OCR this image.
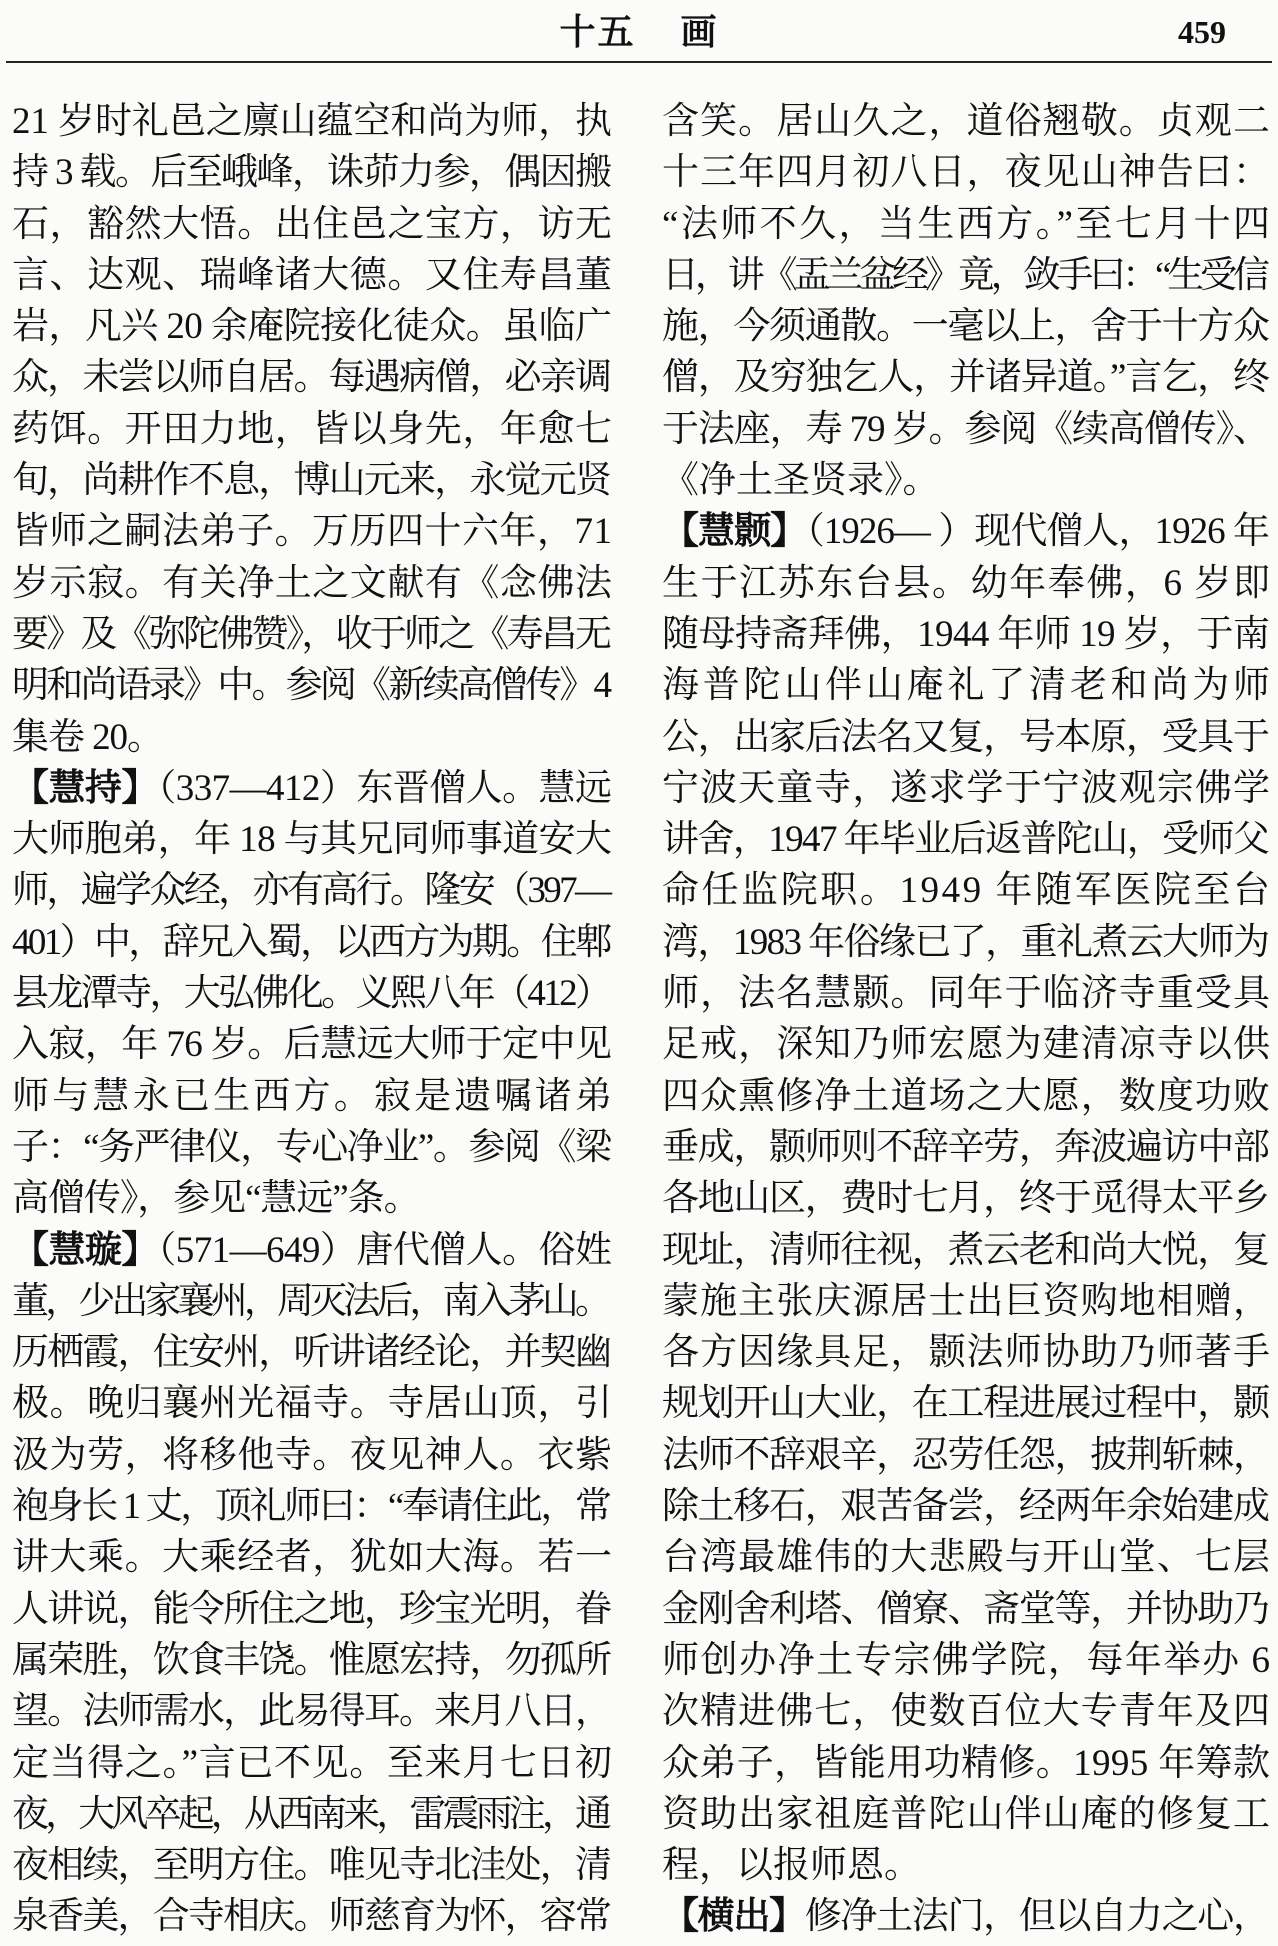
十五 画	459
21 岁时礼邑之廪山蕴空和尚为师，执
持 3 载。后至峨峰，诛茆力参，偶因搬
石，豁然大悟。出住邑之宝方，访无
言、达观、瑞峰诸大德。又住寿昌董
岩，凡兴 20 余庵院接化徒众。虽临广
众，未尝以师自居。每遇病僧，必亲调
药饵。开田力地，皆以身先，年愈七
旬，尚耕作不息，博山元来，永觉元贤
皆师之嗣法弟子。万历四十六年，71
岁示寂。有关净土之文献有《念佛法
要》及《弥陀佛赞》，收于师之《寿昌无
明和尚语录》中。参阅《新续高僧传》4
集卷 20。
【慧持】（337—412）东晋僧人。慧远
大师胞弟，年 18 与其兄同师事道安大
师，遍学众经，亦有高行。隆安（397—
401）中，辞兄入蜀，以西方为期。住郫
县龙潭寺，大弘佛化。义熙八年（412）
入寂，年 76 岁。后慧远大师于定中见
师与慧永已生西方。寂是遗嘱诸弟
子：“务严律仪，专心净业”。参阅《梁
高僧传》，参见“慧远”条。
【慧璇】（571—649）唐代僧人。俗姓
董，少出家襄州，周灭法后，南入茅山。
历栖霞，住安州，听讲诸经论，并契幽
极。晚归襄州光福寺。寺居山顶，引
汲为劳，将移他寺。夜见神人。衣紫
袍身长 1 丈，顶礼师曰：“奉请住此，常
讲大乘。大乘经者，犹如大海。若一
人讲说，能令所住之地，珍宝光明，眷
属荣胜，饮食丰饶。惟愿宏持，勿孤所
望。法师需水，此易得耳。来月八日，
定当得之。”言已不见。至来月七日初
夜，大风卒起，从西南来，雷震雨注，通
夜相续，至明方住。唯见寺北洼处，清
泉香美，合寺相庆。师慈育为怀，容常
含笑。居山久之，道俗翘敬。贞观二
十三年四月初八日，夜见山神告曰：
“法师不久，当生西方。”至七月十四
日，讲《盂兰盆经》竟，敛手曰：“生受信
施，今须通散。一毫以上，舍于十方众
僧，及穷独乞人，并诸异道。”言乞，终
于法座，寿 79 岁。参阅《续高僧传》、
《净土圣贤录》。
【慧颢】（1926— ）现代僧人，1926 年
生于江苏东台县。幼年奉佛，6 岁即
随母持斋拜佛，1944 年师 19 岁，于南
海普陀山伴山庵礼了清老和尚为师
公，出家后法名又复，号本原，受具于
宁波天童寺，遂求学于宁波观宗佛学
讲舍，1947 年毕业后返普陀山，受师父
命任监院职。1949 年随军医院至台
湾，1983 年俗缘已了，重礼煮云大师为
师，法名慧颢。同年于临济寺重受具
足戒，深知乃师宏愿为建清凉寺以供
四众熏修净土道场之大愿，数度功败
垂成，颢师则不辞辛劳，奔波遍访中部
各地山区，费时七月，终于觅得太平乡
现址，清师往视，煮云老和尚大悦，复
蒙施主张庆源居士出巨资购地相赠，
各方因缘具足，颢法师协助乃师著手
规划开山大业，在工程进展过程中，颢
法师不辞艰辛，忍劳任怨，披荆斩棘，
除土移石，艰苦备尝，经两年余始建成
台湾最雄伟的大悲殿与开山堂、七层
金刚舍利塔、僧寮、斋堂等，并协助乃
师创办净土专宗佛学院，每年举办 6
次精进佛七，使数百位大专青年及四
众弟子，皆能用功精修。1995 年筹款
资助出家祖庭普陀山伴山庵的修复工
程，以报师恩。
【横出】修净土法门，但以自力之心，
